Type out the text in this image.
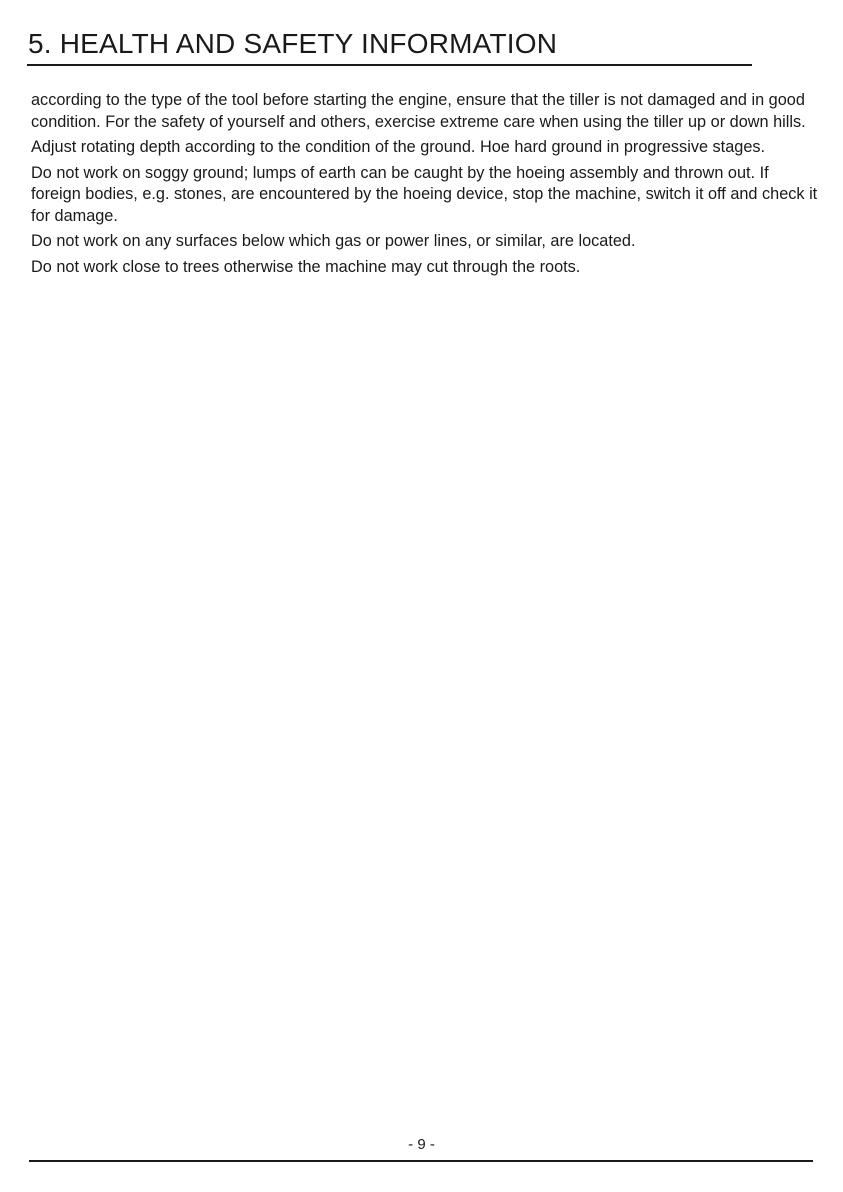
5. HEALTH AND SAFETY INFORMATION

according to the type of the tool before starting the engine, ensure that the tiller is not damaged and in good condition. For the safety of yourself and others, exercise extreme care when using the tiller up or down hills.

Adjust rotating depth according to the condition of the ground. Hoe hard ground in progressive stages.

Do not work on soggy ground; lumps of earth can be caught by the hoeing assembly and thrown out. If foreign bodies, e.g. stones, are encountered by the hoeing device, stop the machine, switch it off and check it for damage.

Do not work on any surfaces below which gas or power lines, or similar, are located.

Do not work close to trees otherwise the machine may cut through the roots.

- 9 -
